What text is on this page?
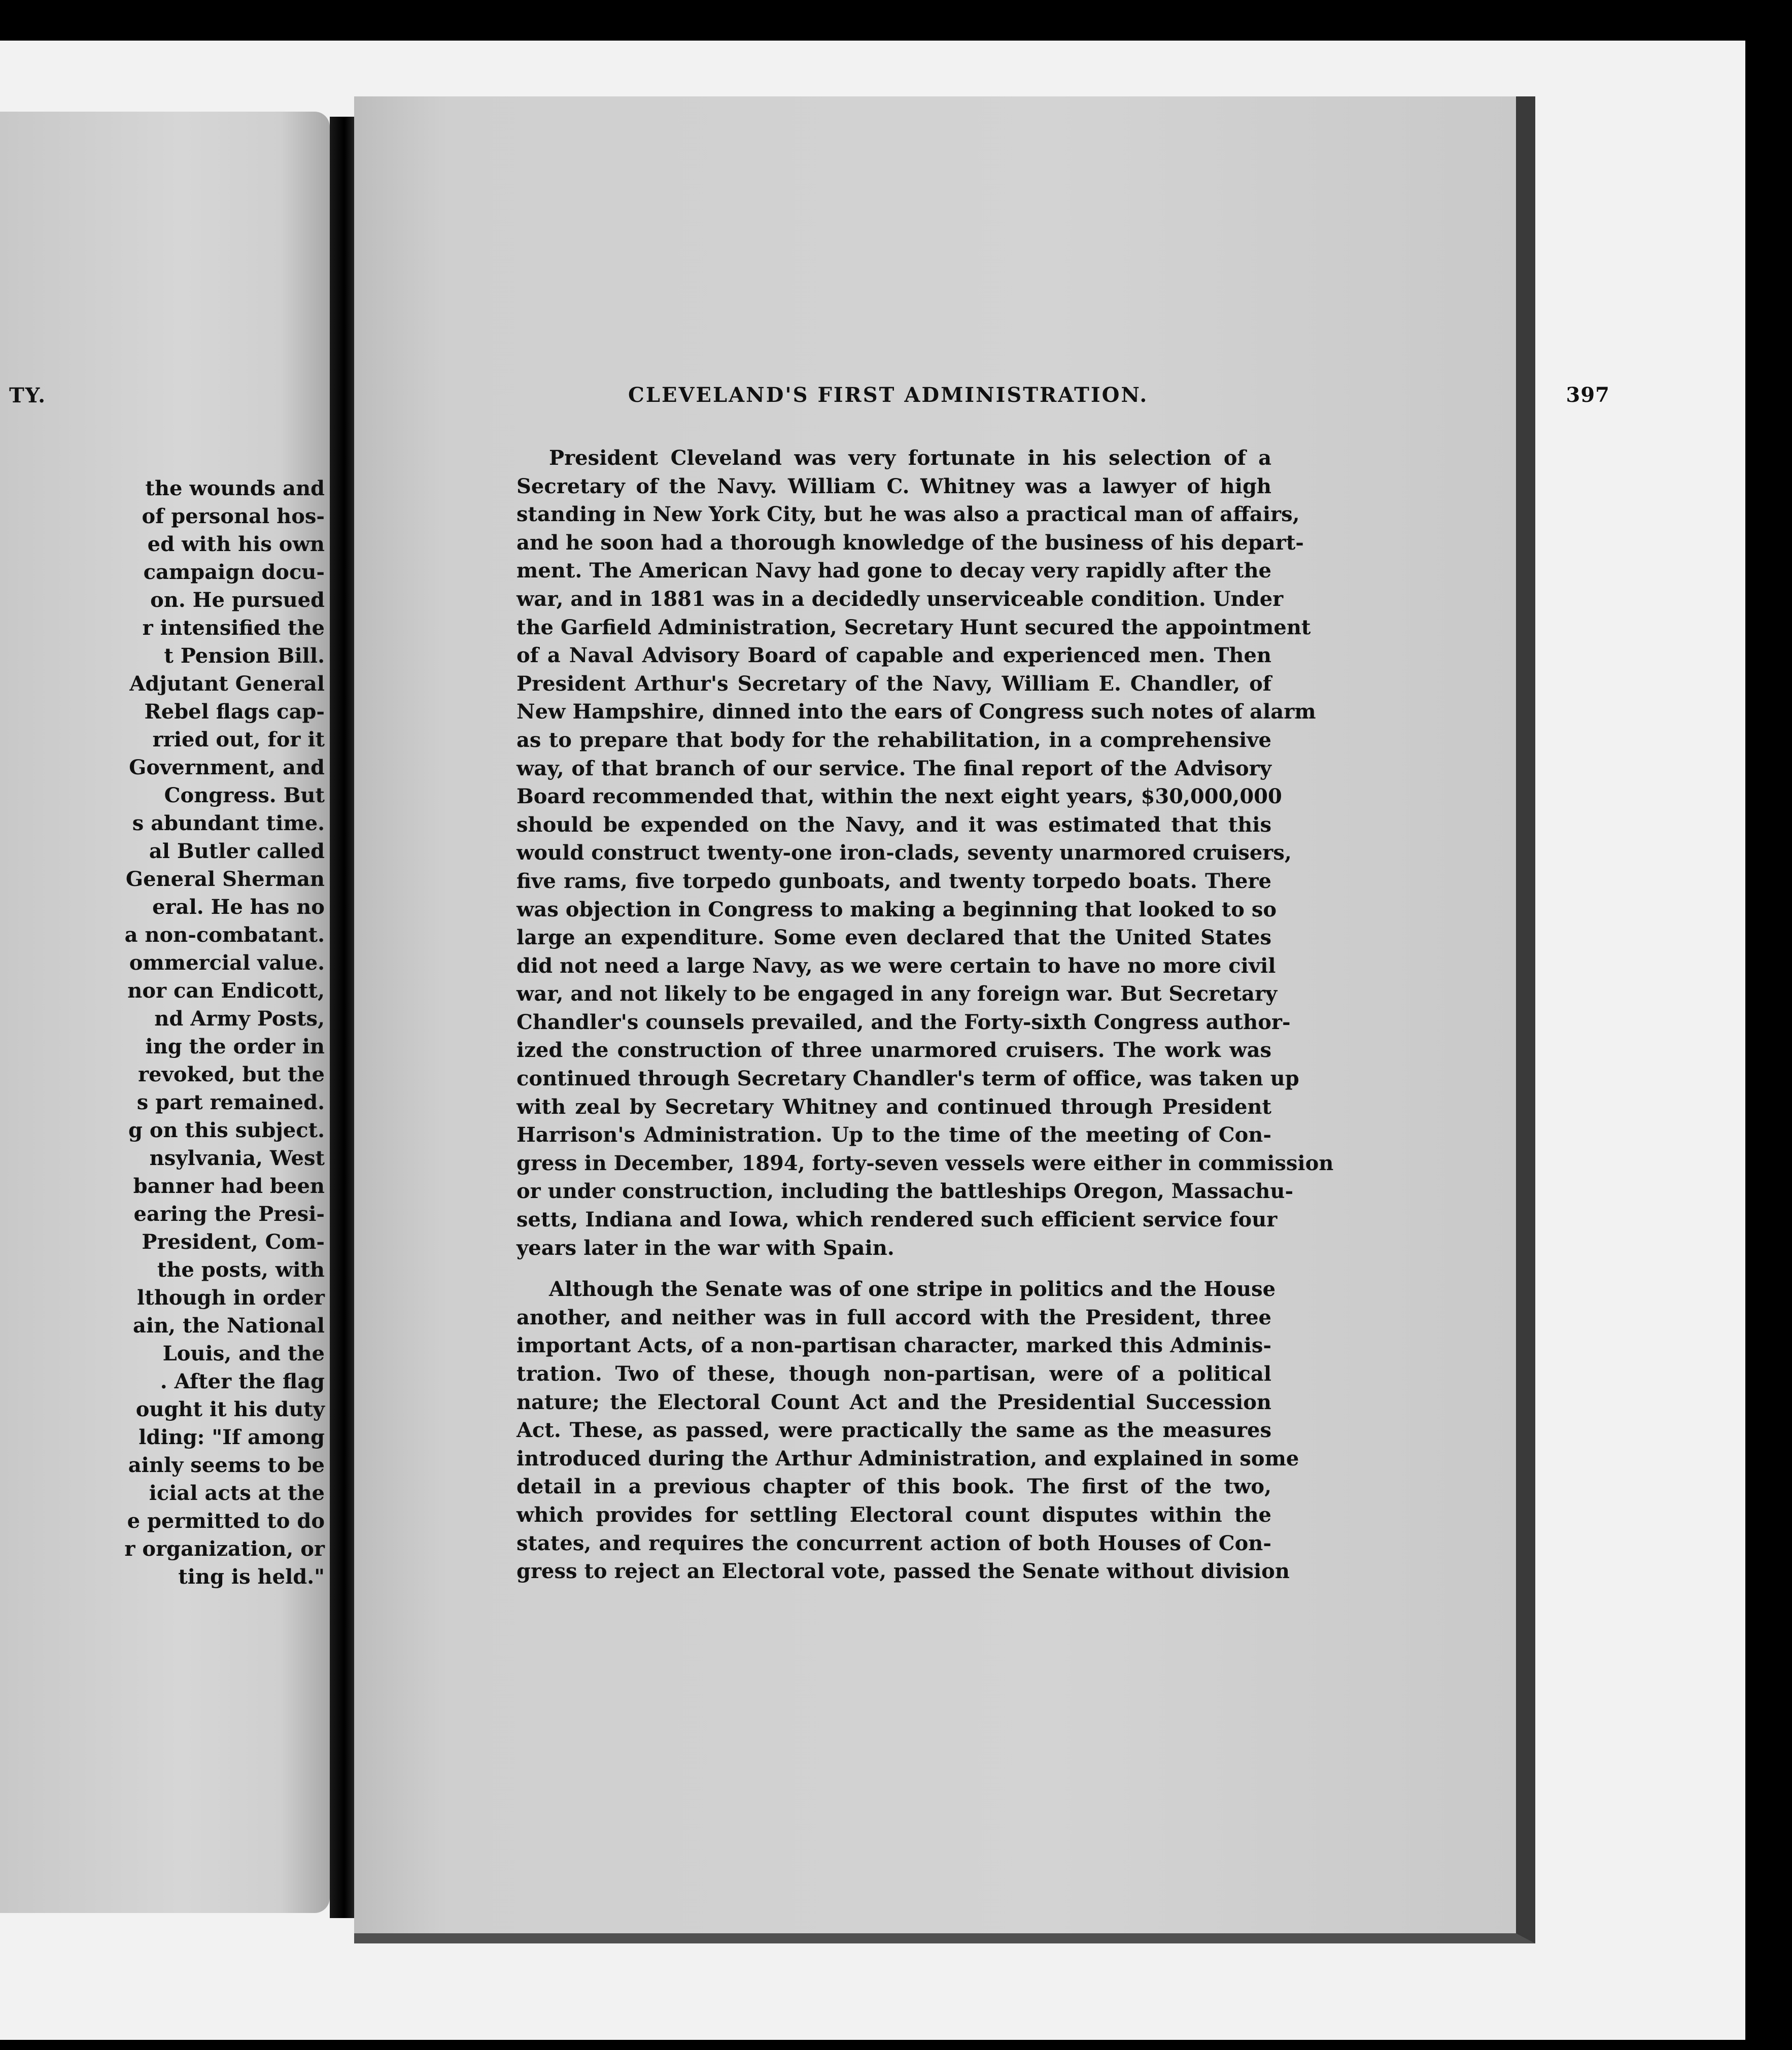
TY.
the wounds and
of personal hos-
ed with his own
campaign docu-
on. He pursued
r intensified the
t Pension Bill.
Adjutant General
Rebel flags cap-
rried out, for it
Government, and
Congress. But
s abundant time.
al Butler called
General Sherman
eral. He has no
a non-combatant.
ommercial value.
nor can Endicott,
nd Army Posts,
ing the order in
revoked, but the
s part remained.
g on this subject.
nsylvania, West
banner had been
earing the Presi-
President, Com-
the posts, with
lthough in order
ain, the National
Louis, and the
. After the flag
ought it his duty
lding: "If among
ainly seems to be
icial acts at the
e permitted to do
r organization, or
ting is held."
CLEVELAND'S FIRST ADMINISTRATION.	397

President Cleveland was very fortunate in his selection of a

Secretary of the Navy. William C. Whitney was a lawyer of high

standing in New York City, but he was also a practical man of affairs,

and he soon had a thorough knowledge of the business of his depart-

ment. The American Navy had gone to decay very rapidly after the

war, and in 1881 was in a decidedly unserviceable condition. Under

the Garfield Administration, Secretary Hunt secured the appointment

of a Naval Advisory Board of capable and experienced men. Then

President Arthur's Secretary of the Navy, William E. Chandler, of

New Hampshire, dinned into the ears of Congress such notes of alarm

as to prepare that body for the rehabilitation, in a comprehensive

way, of that branch of our service. The final report of the Advisory

Board recommended that, within the next eight years, $30,000,000

should be expended on the Navy, and it was estimated that this

would construct twenty-one iron-clads, seventy unarmored cruisers,

five rams, five torpedo gunboats, and twenty torpedo boats. There

was objection in Congress to making a beginning that looked to so

large an expenditure. Some even declared that the United States

did not need a large Navy, as we were certain to have no more civil

war, and not likely to be engaged in any foreign war. But Secretary

Chandler's counsels prevailed, and the Forty-sixth Congress author-

ized the construction of three unarmored cruisers. The work was

continued through Secretary Chandler's term of office, was taken up

with zeal by Secretary Whitney and continued through President

Harrison's Administration. Up to the time of the meeting of Con-

gress in December, 1894, forty-seven vessels were either in commission

or under construction, including the battleships Oregon, Massachu-

setts, Indiana and Iowa, which rendered such efficient service four

years later in the war with Spain.

Although the Senate was of one stripe in politics and the House

another, and neither was in full accord with the President, three

important Acts, of a non-partisan character, marked this Adminis-

tration. Two of these, though non-partisan, were of a political

nature; the Electoral Count Act and the Presidential Succession

Act. These, as passed, were practically the same as the measures

introduced during the Arthur Administration, and explained in some

detail in a previous chapter of this book. The first of the two,

which provides for settling Electoral count disputes within the

states, and requires the concurrent action of both Houses of Con-

gress to reject an Electoral vote, passed the Senate without division
